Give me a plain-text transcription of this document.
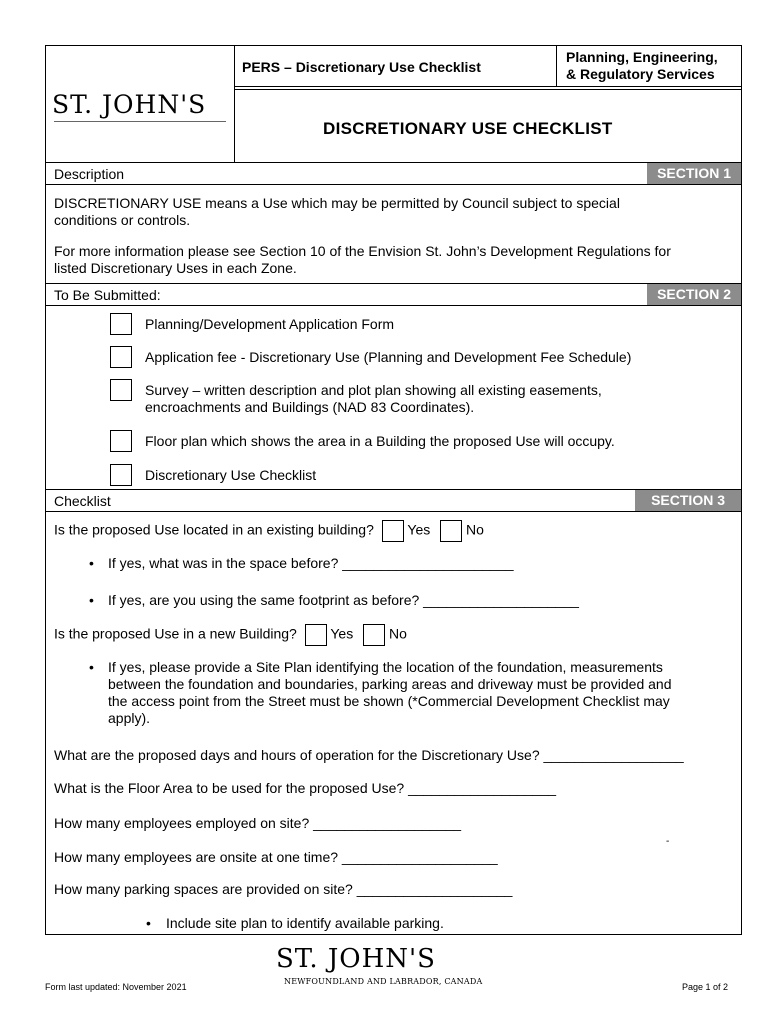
ST. JOHN'S
PERS – Discretionary Use Checklist
Planning, Engineering,
& Regulatory Services
DISCRETIONARY USE CHECKLIST
Description	SECTION 1
DISCRETIONARY USE means a Use which may be permitted by Council subject to special
conditions or controls.
For more information please see Section 10 of the Envision St. John’s Development Regulations for
listed Discretionary Uses in each Zone.
To Be Submitted:	SECTION 2
Planning/Development Application Form
Application fee - Discretionary Use (Planning and Development Fee Schedule)
Survey – written description and plot plan showing all existing easements,
encroachments and Buildings (NAD 83 Coordinates).
Floor plan which shows the area in a Building the proposed Use will occupy.
Discretionary Use Checklist
Checklist	SECTION 3
Is the proposed Use located in an existing building? Yes	No
• If yes, what was in the space before? ______________________
• If yes, are you using the same footprint as before? ____________________
Is the proposed Use in a new Building? Yes	No
• If yes, please provide a Site Plan identifying the location of the foundation, measurements
between the foundation and boundaries, parking areas and driveway must be provided and
the access point from the Street must be shown (*Commercial Development Checklist may
apply).
What are the proposed days and hours of operation for the Discretionary Use? __________________
What is the Floor Area to be used for the proposed Use? ___________________
How many employees employed on site? ___________________
-
How many employees are onsite at one time? ____________________
How many parking spaces are provided on site? ____________________
• Include site plan to identify available parking.
ST. JOHN'S
NEWFOUNDLAND AND LABRADOR, CANADA
Form last updated: November 2021	Page 1 of 2
